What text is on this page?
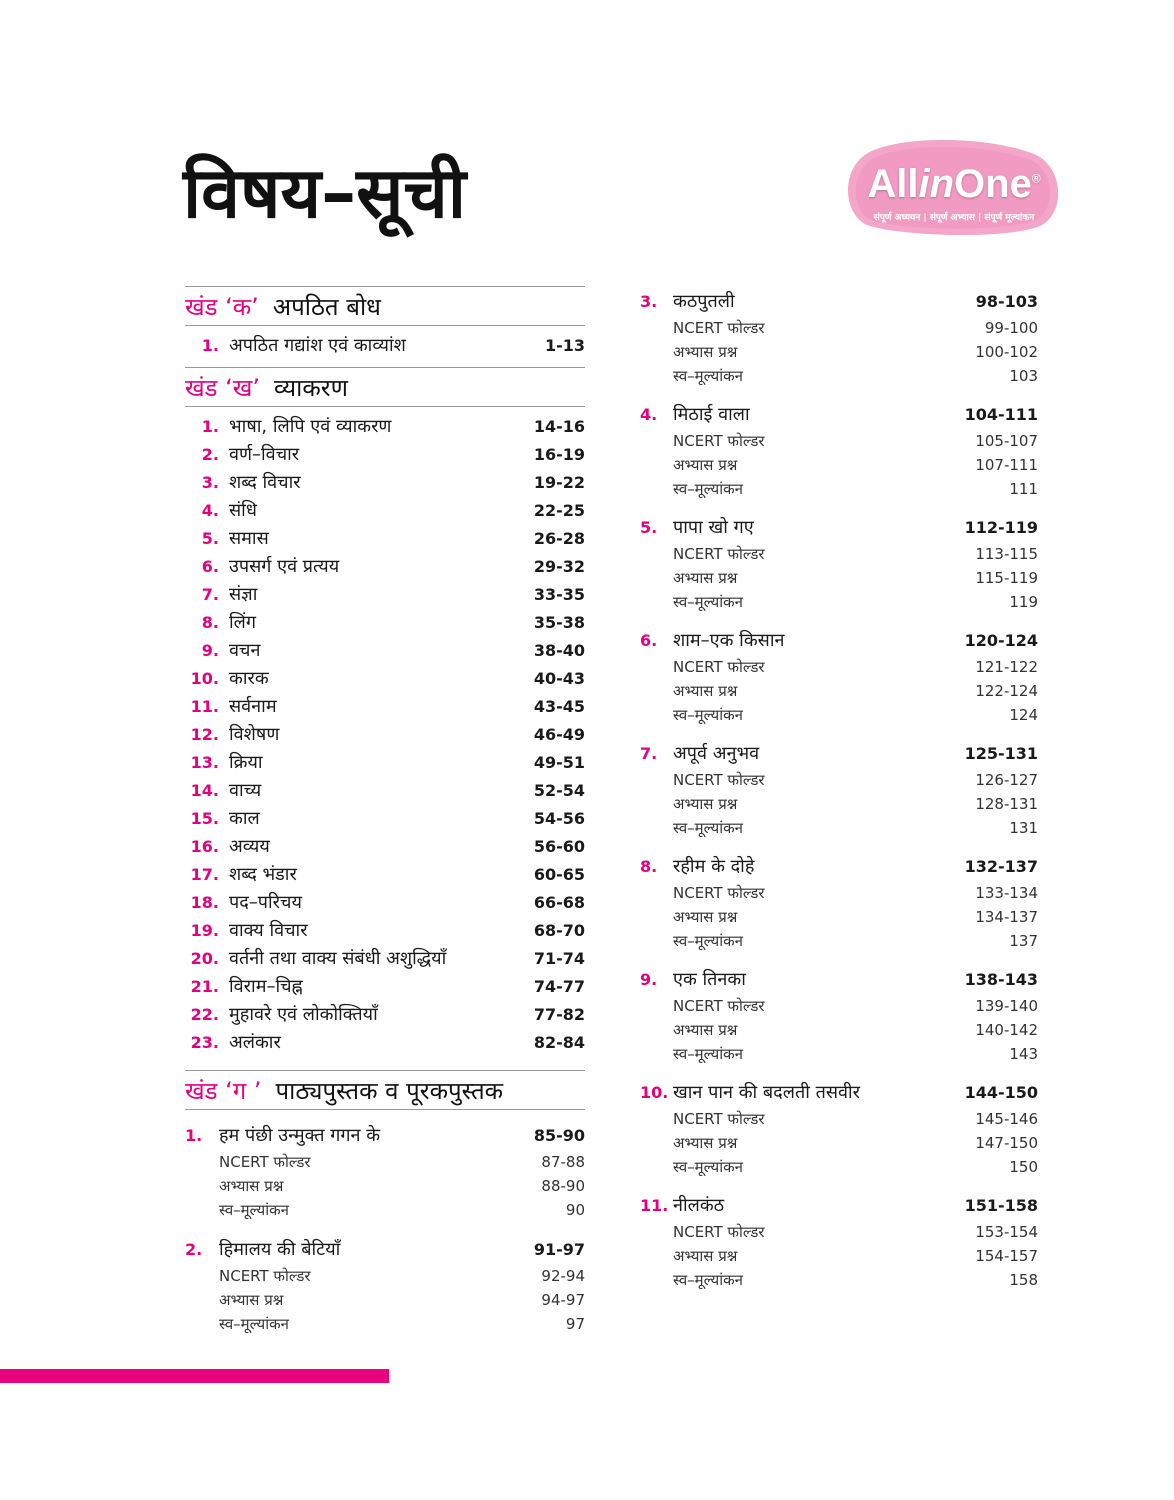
विषय–सूची	AllinOne®
संपूर्ण अध्ययन | संपूर्ण अभ्यास | संपूर्ण मूल्यांकन
खंड ‘क’ अपठित बोध
1. अपठित गद्यांश एवं काव्यांश	1-13
खंड ‘ख’ व्याकरण
1. भाषा, लिपि एवं व्याकरण	14-16
2. वर्ण–विचार	16-19
3. शब्द विचार	19-22
4. संधि	22-25
5. समास	26-28
6. उपसर्ग एवं प्रत्यय	29-32
7. संज्ञा	33-35
8. लिंग	35-38
9. वचन	38-40
10. कारक	40-43
11. सर्वनाम	43-45
12. विशेषण	46-49
13. क्रिया	49-51
14. वाच्य	52-54
15. काल	54-56
16. अव्यय	56-60
17. शब्द भंडार	60-65
18. पद–परिचय	66-68
19. वाक्य विचार	68-70
20. वर्तनी तथा वाक्य संबंधी अशुद्धियाँ	71-74
21. विराम–चिह्न	74-77
22. मुहावरे एवं लोकोक्तियाँ	77-82
23. अलंकार	82-84
खंड ‘ग ’ पाठ्यपुस्तक व पूरकपुस्तक
1. हम पंछी उन्मुक्त गगन के	85-90
NCERT फोल्डर	87-88
अभ्यास प्रश्न	88-90
स्व–मूल्यांकन	90
2. हिमालय की बेटियाँ	91-97
NCERT फोल्डर	92-94
अभ्यास प्रश्न	94-97
स्व–मूल्यांकन	97
3. कठपुतली	98-103
NCERT फोल्डर	99-100
अभ्यास प्रश्न	100-102
स्व–मूल्यांकन	103
4. मिठाई वाला	104-111
NCERT फोल्डर	105-107
अभ्यास प्रश्न	107-111
स्व–मूल्यांकन	111
5. पापा खो गए	112-119
NCERT फोल्डर	113-115
अभ्यास प्रश्न	115-119
स्व–मूल्यांकन	119
6. शाम–एक किसान	120-124
NCERT फोल्डर	121-122
अभ्यास प्रश्न	122-124
स्व–मूल्यांकन	124
7. अपूर्व अनुभव	125-131
NCERT फोल्डर	126-127
अभ्यास प्रश्न	128-131
स्व–मूल्यांकन	131
8. रहीम के दोहे	132-137
NCERT फोल्डर	133-134
अभ्यास प्रश्न	134-137
स्व–मूल्यांकन	137
9. एक तिनका	138-143
NCERT फोल्डर	139-140
अभ्यास प्रश्न	140-142
स्व–मूल्यांकन	143
10. खान पान की बदलती तसवीर	144-150
NCERT फोल्डर	145-146
अभ्यास प्रश्न	147-150
स्व–मूल्यांकन	150
11. नीलकंठ	151-158
NCERT फोल्डर	153-154
अभ्यास प्रश्न	154-157
स्व–मूल्यांकन	158
